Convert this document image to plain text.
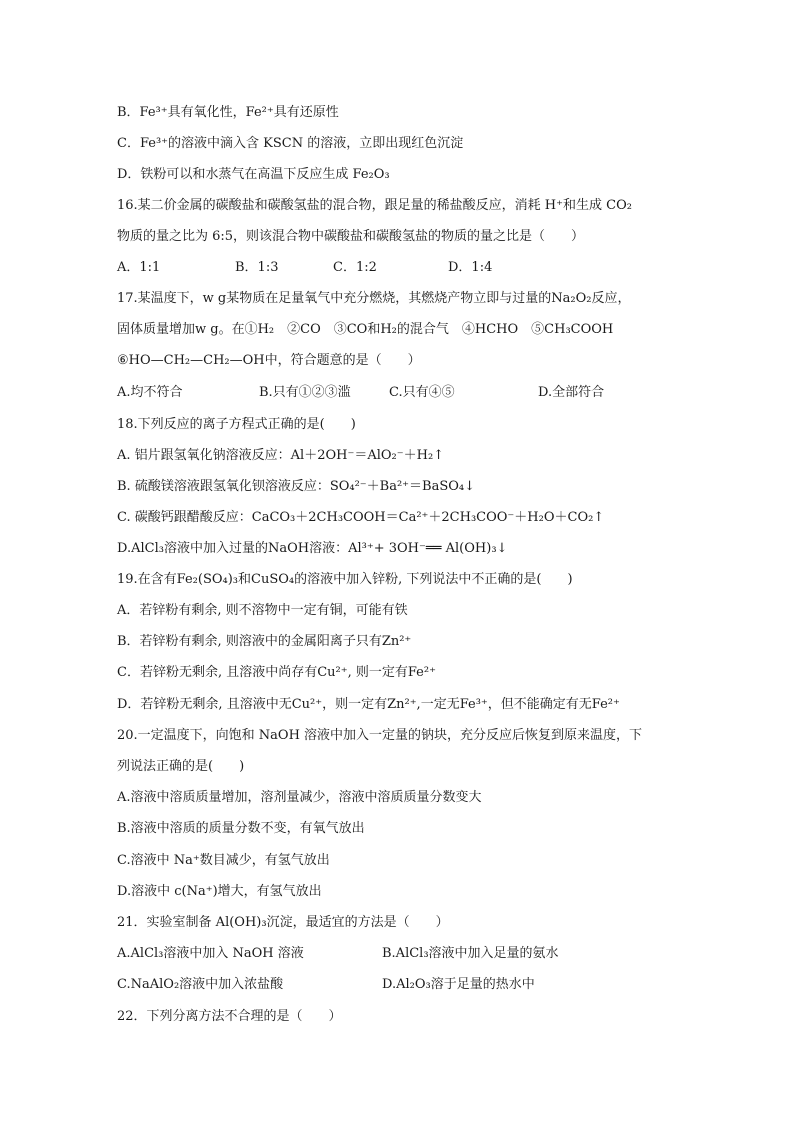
B．Fe³⁺具有氧化性，Fe²⁺具有还原性
C．Fe³⁺的溶液中滴入含 KSCN 的溶液，立即出现红色沉淀
D．铁粉可以和水蒸气在高温下反应生成 Fe₂O₃
16.某二价金属的碳酸盐和碳酸氢盐的混合物，跟足量的稀盐酸反应，消耗 H⁺和生成 CO₂
物质的量之比为 6:5，则该混合物中碳酸盐和碳酸氢盐的物质的量之比是（　　）
A．1:1	B．1:3	C．1:2	D．1:4
17.某温度下，w g某物质在足量氧气中充分燃烧，其燃烧产物立即与过量的Na₂O₂反应，
固体质量增加w g。在①H₂　②CO　③CO和H₂的混合气　④HCHO　⑤CH₃COOH
⑥HO—CH₂—CH₂—OH中，符合题意的是（　　）
A.均不符合	B.只有①②③滥	C.只有④⑤	D.全部符合
18.下列反应的离子方程式正确的是(　　)
A. 铝片跟氢氧化钠溶液反应：Al＋2OH⁻＝AlO₂⁻＋H₂↑
B. 硫酸镁溶液跟氢氧化钡溶液反应：SO₄²⁻＋Ba²⁺＝BaSO₄↓
C. 碳酸钙跟醋酸反应：CaCO₃＋2CH₃COOH＝Ca²⁺＋2CH₃COO⁻＋H₂O＋CO₂↑
D.AlCl₃溶液中加入过量的NaOH溶液：Al³⁺+ 3OH⁻══ Al(OH)₃↓
19.在含有Fe₂(SO₄)₃和CuSO₄的溶液中加入锌粉, 下列说法中不正确的是(　　)
A．若锌粉有剩余, 则不溶物中一定有铜，可能有铁
B．若锌粉有剩余, 则溶液中的金属阳离子只有Zn²⁺
C．若锌粉无剩余, 且溶液中尚存有Cu²⁺, 则一定有Fe²⁺
D．若锌粉无剩余, 且溶液中无Cu²⁺，则一定有Zn²⁺,一定无Fe³⁺，但不能确定有无Fe²⁺
20.一定温度下，向饱和 NaOH 溶液中加入一定量的钠块，充分反应后恢复到原来温度，下
列说法正确的是(　　)
A.溶液中溶质质量增加，溶剂量减少，溶液中溶质质量分数变大
B.溶液中溶质的质量分数不变，有氧气放出
C.溶液中 Na⁺数目减少，有氢气放出
D.溶液中 c(Na⁺)增大，有氢气放出
21．实验室制备 Al(OH)₃沉淀，最适宜的方法是（　　）
A.AlCl₃溶液中加入 NaOH 溶液	B.AlCl₃溶液中加入足量的氨水
C.NaAlO₂溶液中加入浓盐酸	D.Al₂O₃溶于足量的热水中
22．下列分离方法不合理的是（　　）
